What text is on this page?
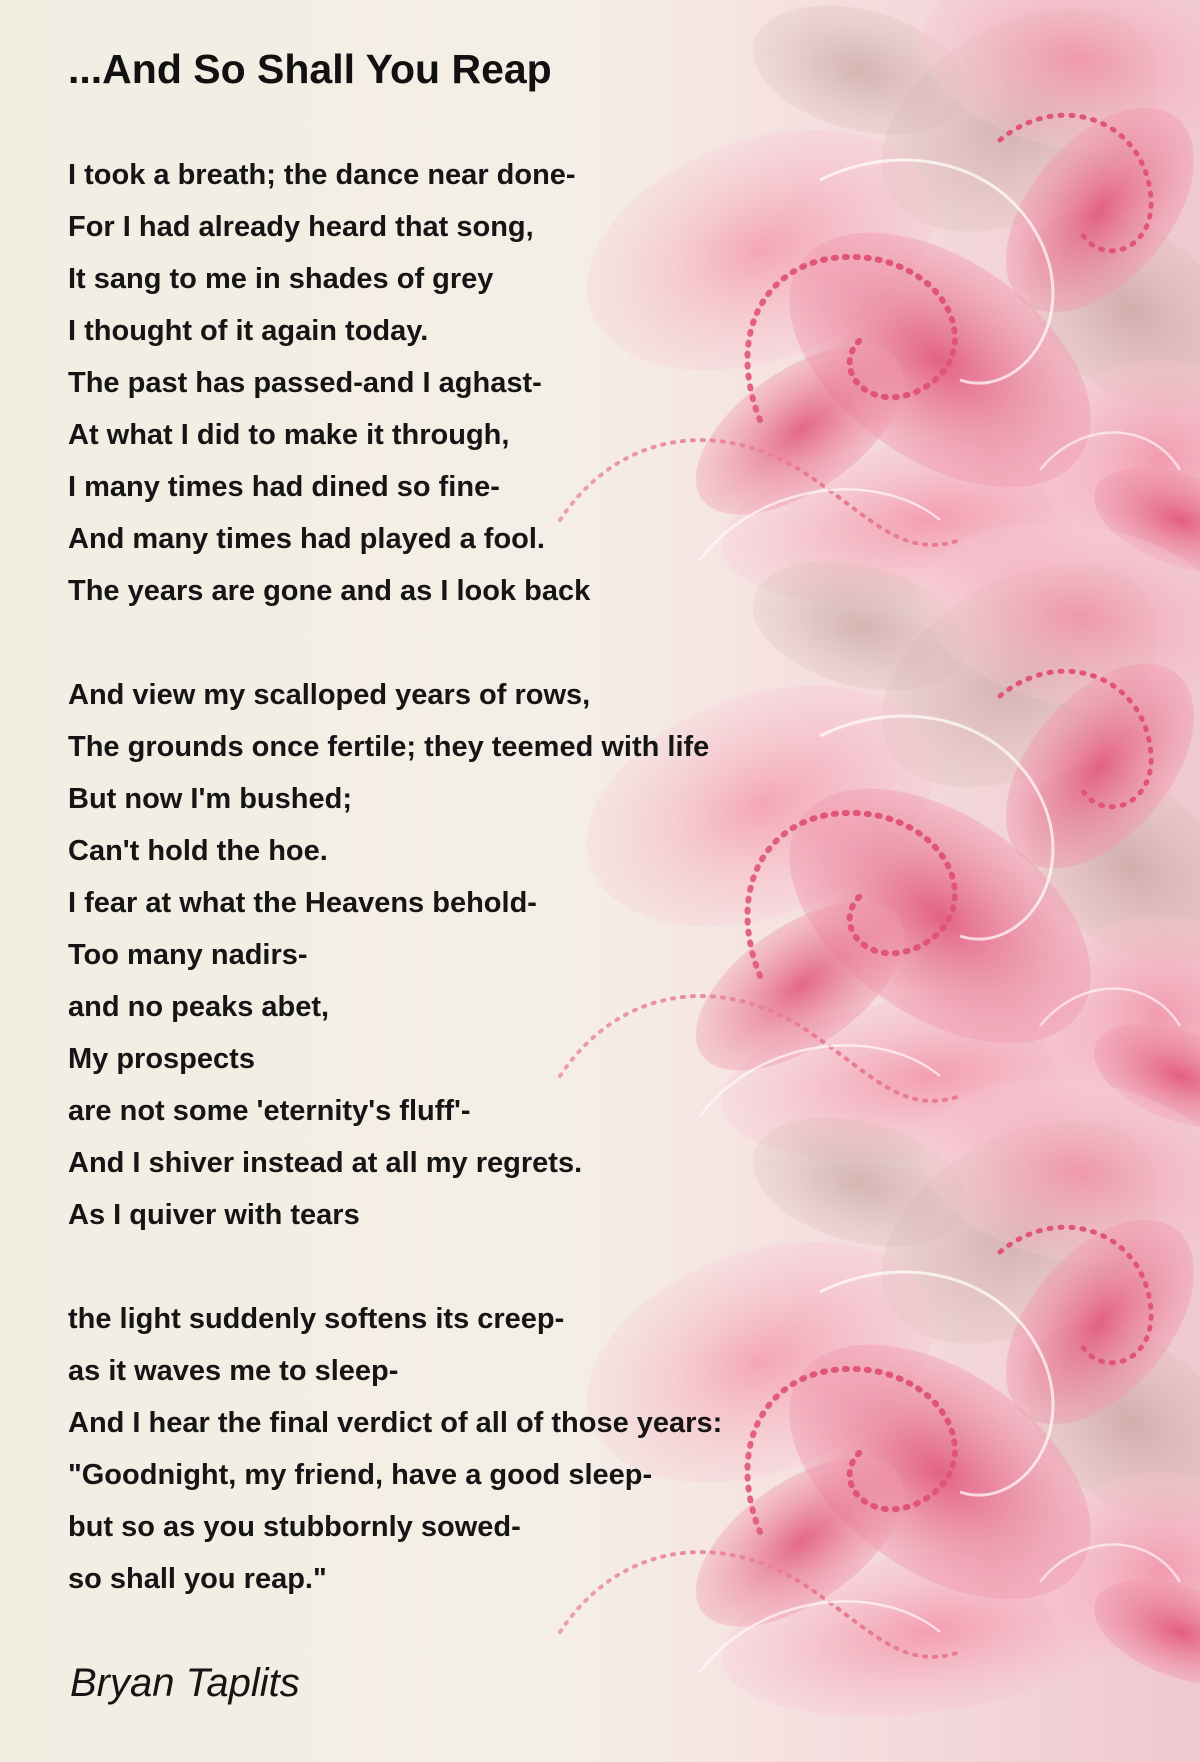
...And So Shall You Reap
I took a breath; the dance near done-
For I had already heard that song,
It sang to me in shades of grey
I thought of it again today.
The past has passed-and I aghast-
At what I did to make it through,
I many times had dined so fine-
And many times had played a fool.
The years are gone and as I look back
And view my scalloped years of rows,
The grounds once fertile; they teemed with life
But now I'm bushed;
Can't hold the hoe.
I fear at what the Heavens behold-
Too many nadirs-
and no peaks abet,
My prospects
are not some 'eternity's fluff'-
And I shiver instead at all my regrets.
As I quiver with tears
the light suddenly softens its creep-
as it waves me to sleep-
And I hear the final verdict of all of those years:
"Goodnight, my friend, have a good sleep-
but so as you stubbornly sowed-
so shall you reap."

Bryan Taplits
